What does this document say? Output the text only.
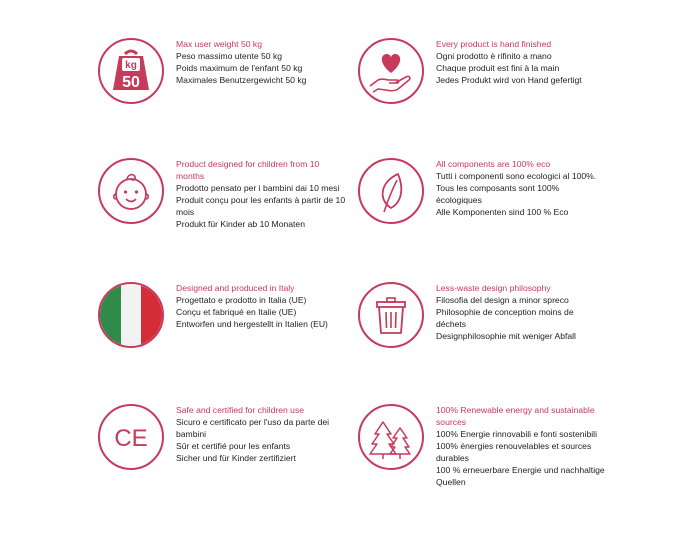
kg
50
Max user weight 50 kg
Peso massimo utente 50 kg
Poids maximum de l'enfant 50 kg
Maximales Benutzergewicht 50 kg
Every product is hand finished
Ogni prodotto è rifinito a mano
Chaque produit est fini à la main
Jedes Produkt wird von Hand gefertigt
Product designed for children from 10 months
Prodotto pensato per i bambini dai 10 mesi
Produit conçu pour les enfants à partir de 10 mois
Produkt für Kinder ab 10 Monaten
All components are 100% eco
Tutti i componenti sono ecologici al 100%.
Tous les composants sont 100% écologiques
Alle Komponenten sind 100 % Eco
Designed and produced in Italy
Progettato e prodotto in Italia (UE)
Conçu et fabriqué en Italie (UE)
Entworfen und hergestellt in Italien (EU)
Less-waste design philosophy
Filosofia del design a minor spreco
Philosophie de conception moins de déchets
Designphilosophie mit weniger Abfall
CE
Safe and certified for children use
Sicuro e certificato per l'uso da parte dei bambini
Sûr et certifié pour les enfants
Sicher und für Kinder zertifiziert
100% Renewable energy and sustainable sources
100% Energie rinnovabili e fonti sostenibili
100% énergies renouvelables et sources durables
100 % erneuerbare Energie und nachhaltige Quellen
